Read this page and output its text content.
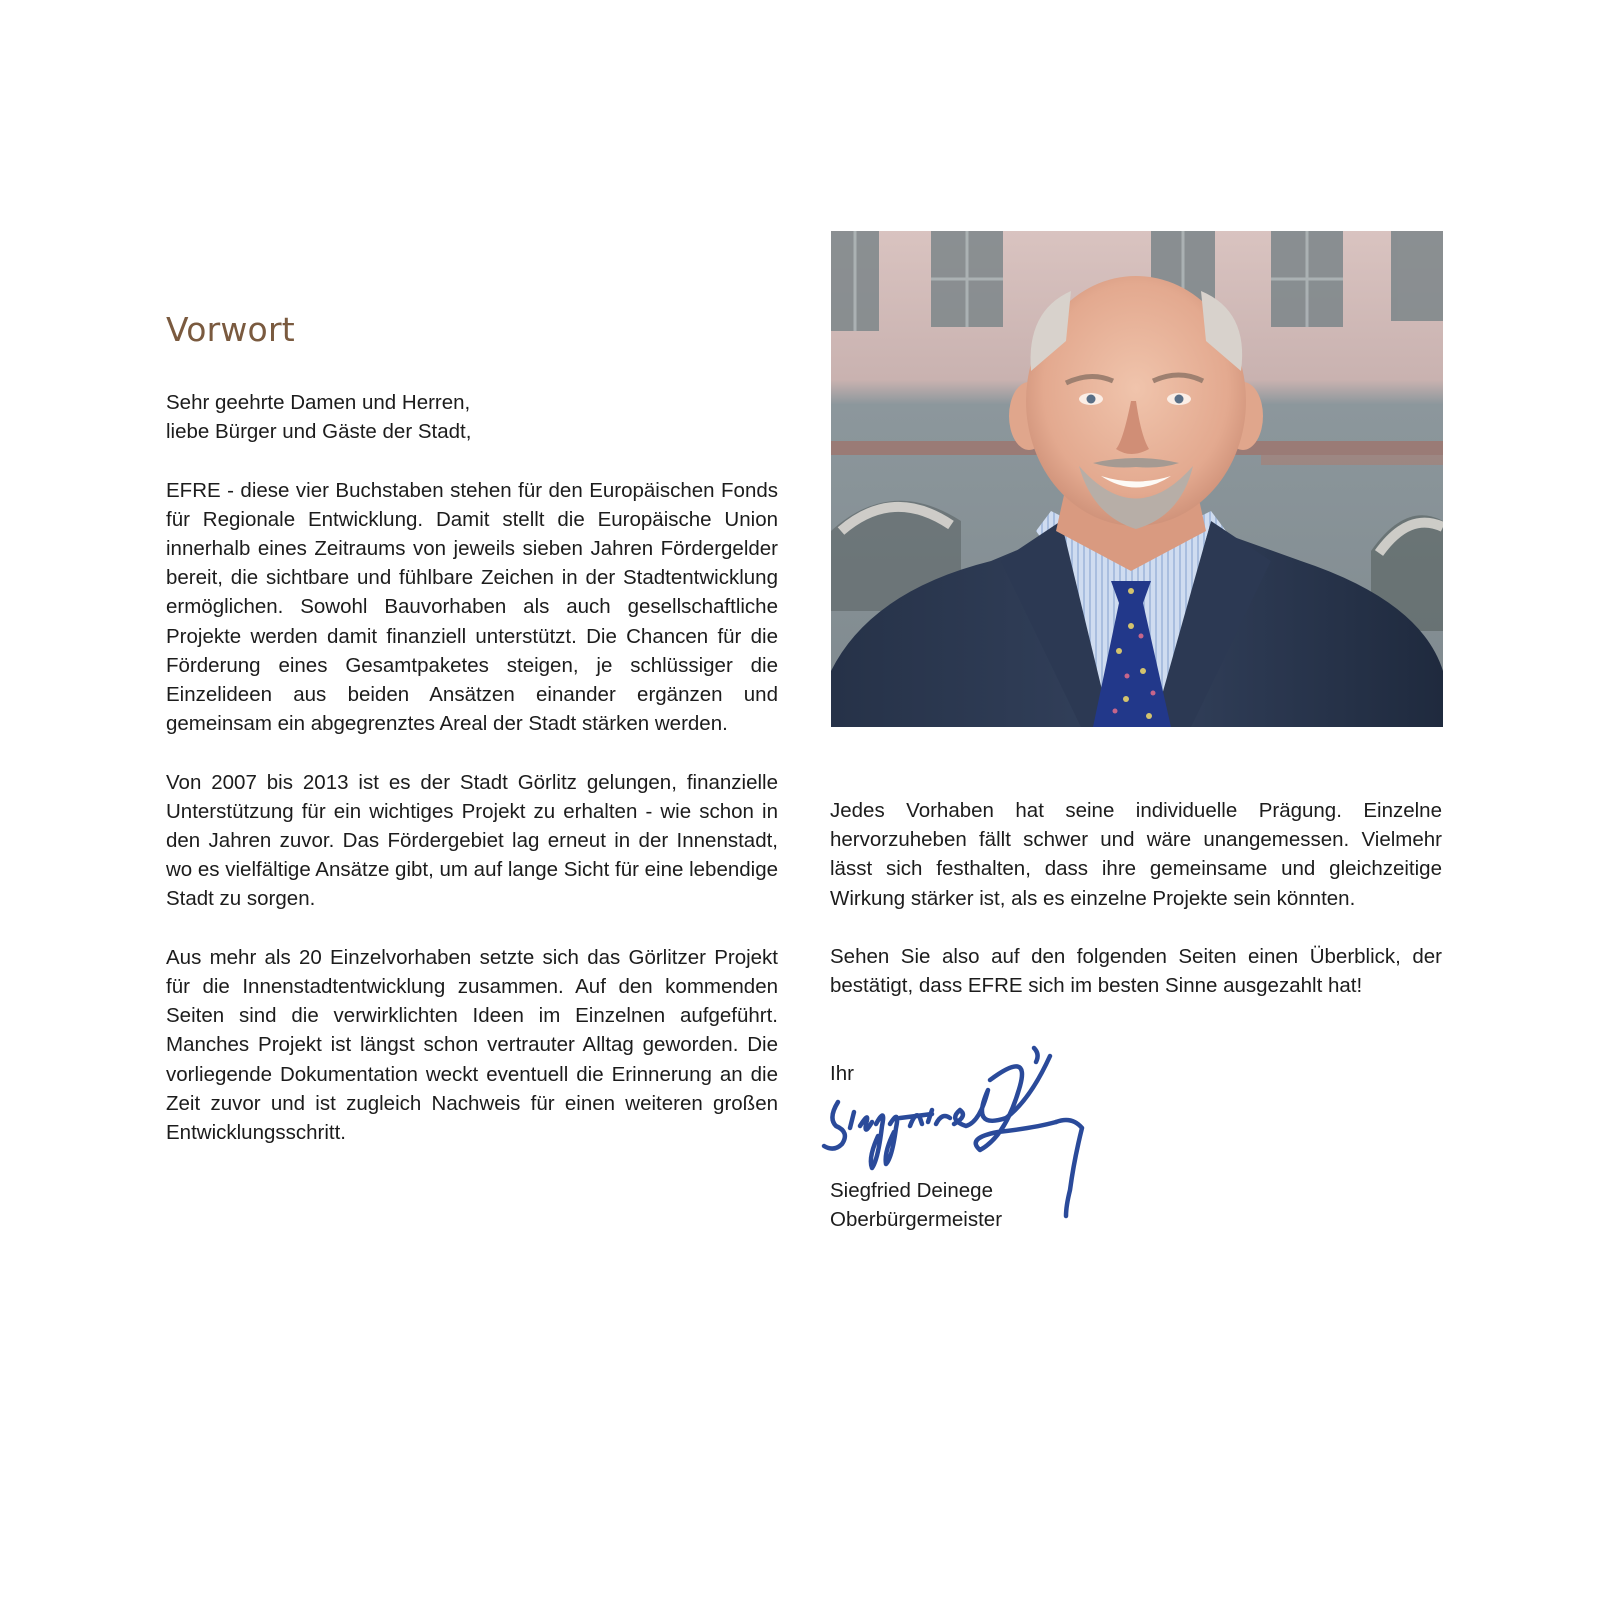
Vorwort

Sehr geehrte Damen und Herren,
liebe Bürger und Gäste der Stadt,

EFRE - diese vier Buchstaben stehen für den Europäischen Fonds für Regionale Entwicklung. Damit stellt die Europäische Union innerhalb eines Zeitraums von jeweils sieben Jahren Fördergelder bereit, die sichtbare und fühlbare Zeichen in der Stadtentwicklung ermöglichen. Sowohl Bauvorhaben als auch gesellschaftliche Projekte werden damit finanziell unterstützt. Die Chancen für die Förderung eines Gesamtpaketes steigen, je schlüssiger die Einzelideen aus beiden Ansätzen einander ergänzen und gemeinsam ein abgegrenztes Areal der Stadt stärken werden.

Von 2007 bis 2013 ist es der Stadt Görlitz gelungen, finanzielle Unterstützung für ein wichtiges Projekt zu erhalten - wie schon in den Jahren zuvor. Das Fördergebiet lag erneut in der Innenstadt, wo es vielfältige Ansätze gibt, um auf lange Sicht für eine lebendige Stadt zu sorgen.

Aus mehr als 20 Einzelvorhaben setzte sich das Görlitzer Projekt für die Innenstadtentwicklung zusammen. Auf den kommenden Seiten sind die verwirklichten Ideen im Einzelnen aufgeführt. Manches Projekt ist längst schon vertrauter Alltag geworden. Die vorliegende Dokumentation weckt eventuell die Erinnerung an die Zeit zuvor und ist zugleich Nachweis für einen weiteren großen Entwicklungsschritt.

Jedes Vorhaben hat seine individuelle Prägung. Einzelne hervorzuheben fällt schwer und wäre unangemessen. Vielmehr lässt sich festhalten, dass ihre gemeinsame und gleichzeitige Wirkung stärker ist, als es einzelne Projekte sein könnten.

Sehen Sie also auf den folgenden Seiten einen Überblick, der bestätigt, dass EFRE sich im besten Sinne ausgezahlt hat!

Ihr
Siegfried Deinege
Oberbürgermeister
